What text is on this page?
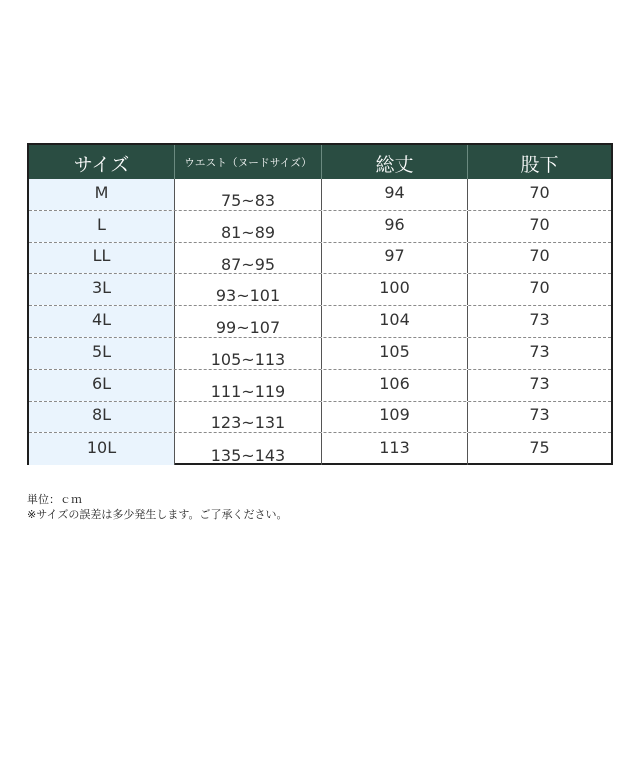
サイズ	ウエスト（ヌードサイズ）	総丈	股下
M	75~83	94	70
L	81~89	96	70
LL	87~95	97	70
3L	93~101	100	70
4L	99~107	104	73
5L	105~113	105	73
6L	111~119	106	73
8L	123~131	109	73
10L	135~143	113	75
単位：ｃｍ
※サイズの誤差は多少発生します。ご了承ください。
